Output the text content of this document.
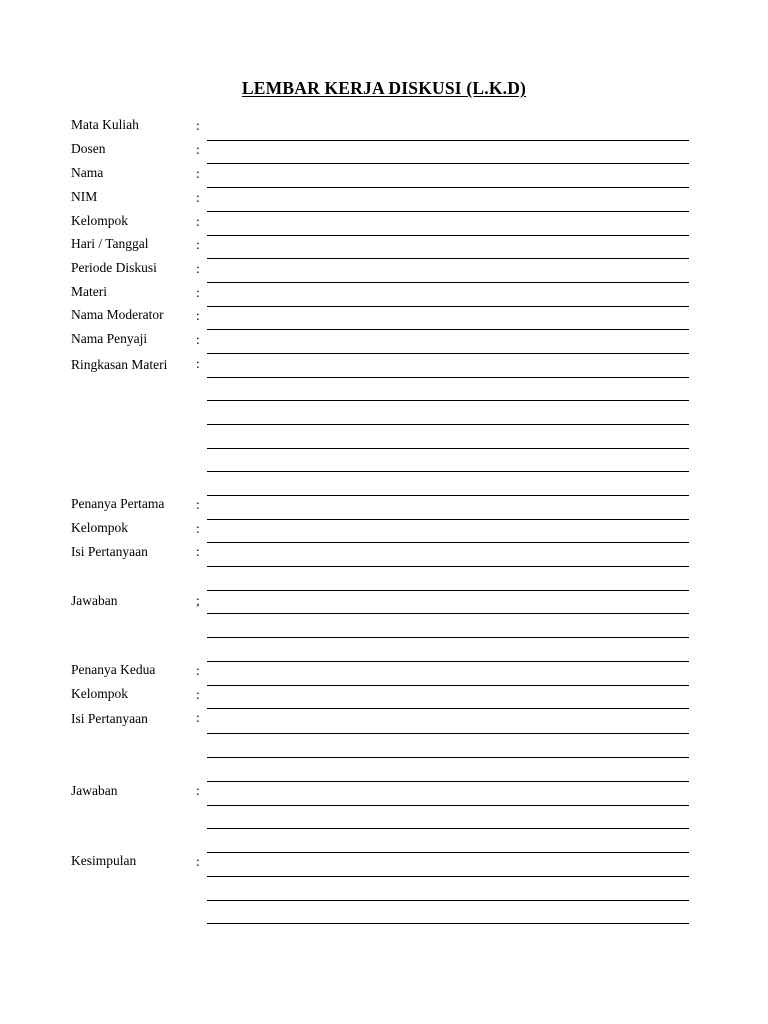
LEMBAR KERJA DISKUSI (L.K.D)
Mata Kuliah	:
Dosen	:
Nama	:
NIM	:
Kelompok	:
Hari / Tanggal	:
Periode Diskusi	:
Materi	:
Nama Moderator :
Nama Penyaji	:
Ringkasan Materi :
Penanya Pertama :
Kelompok	:
Isi Pertanyaan	:
Jawaban	;
Penanya Kedua	:
Kelompok	:
Isi Pertanyaan	:
Jawaban	:
Kesimpulan	:
